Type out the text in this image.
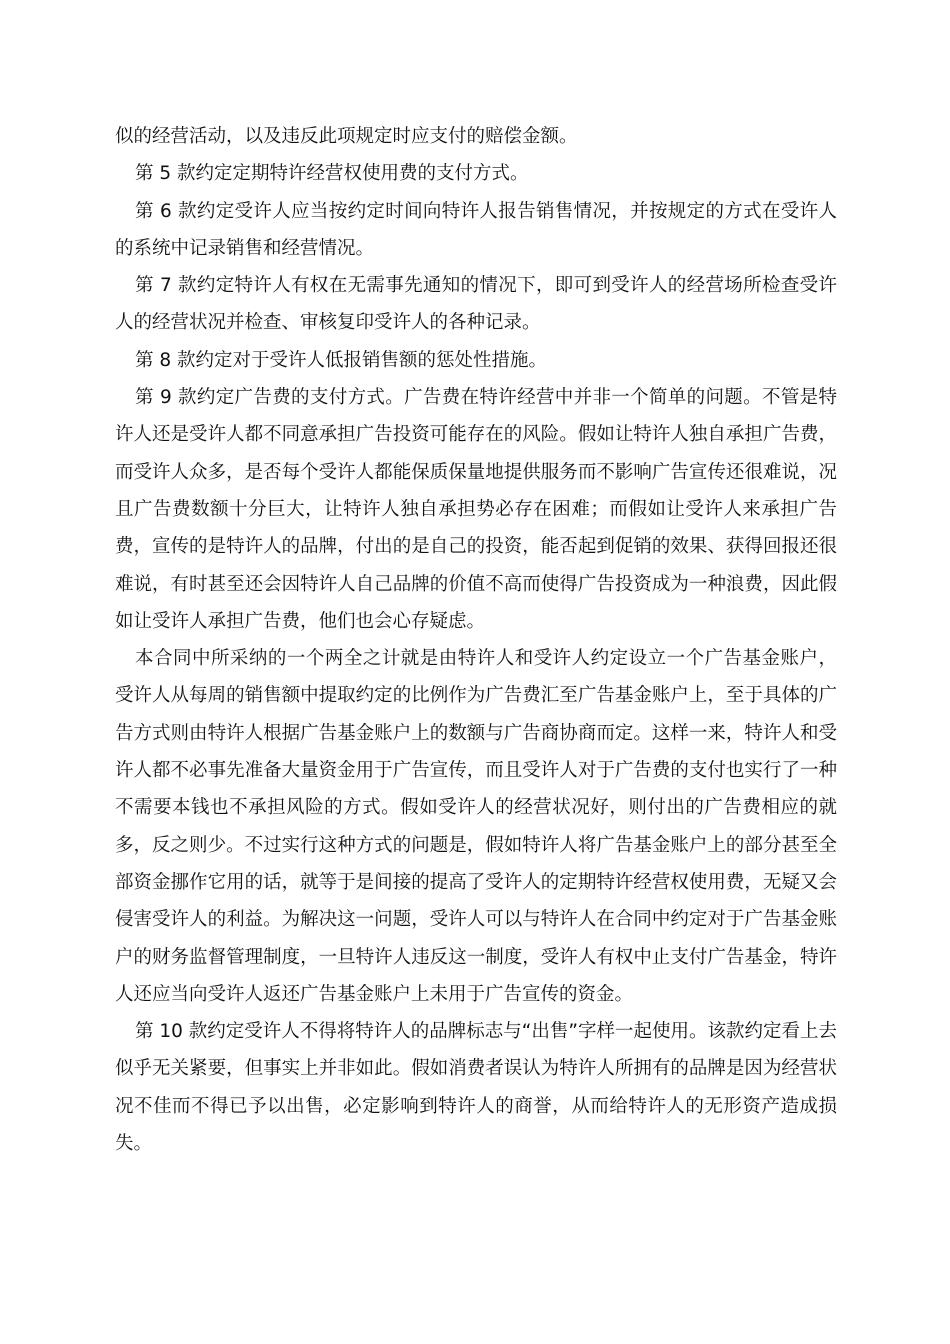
似的经营活动，以及违反此项规定时应支付的赔偿金额。

第 5 款约定定期特许经营权使用费的支付方式。

第 6 款约定受许人应当按约定时间向特许人报告销售情况，并按规定的方式在受许人的系统中记录销售和经营情况。

第 7 款约定特许人有权在无需事先通知的情况下，即可到受许人的经营场所检查受许人的经营状况并检查、审核复印受许人的各种记录。

第 8 款约定对于受许人低报销售额的惩处性措施。

第 9 款约定广告费的支付方式。广告费在特许经营中并非一个简单的问题。不管是特许人还是受许人都不同意承担广告投资可能存在的风险。假如让特许人独自承担广告费，而受许人众多，是否每个受许人都能保质保量地提供服务而不影响广告宣传还很难说，况且广告费数额十分巨大，让特许人独自承担势必存在困难；而假如让受许人来承担广告费，宣传的是特许人的品牌，付出的是自己的投资，能否起到促销的效果、获得回报还很难说，有时甚至还会因特许人自己品牌的价值不高而使得广告投资成为一种浪费，因此假如让受许人承担广告费，他们也会心存疑虑。

本合同中所采纳的一个两全之计就是由特许人和受许人约定设立一个广告基金账户，受许人从每周的销售额中提取约定的比例作为广告费汇至广告基金账户上，至于具体的广告方式则由特许人根据广告基金账户上的数额与广告商协商而定。这样一来，特许人和受许人都不必事先准备大量资金用于广告宣传，而且受许人对于广告费的支付也实行了一种不需要本钱也不承担风险的方式。假如受许人的经营状况好，则付出的广告费相应的就多，反之则少。不过实行这种方式的问题是，假如特许人将广告基金账户上的部分甚至全部资金挪作它用的话，就等于是间接的提高了受许人的定期特许经营权使用费，无疑又会侵害受许人的利益。为解决这一问题，受许人可以与特许人在合同中约定对于广告基金账户的财务监督管理制度，一旦特许人违反这一制度，受许人有权中止支付广告基金，特许人还应当向受许人返还广告基金账户上未用于广告宣传的资金。

第 10 款约定受许人不得将特许人的品牌标志与“出售”字样一起使用。该款约定看上去似乎无关紧要，但事实上并非如此。假如消费者误认为特许人所拥有的品牌是因为经营状况不佳而不得已予以出售，必定影响到特许人的商誉，从而给特许人的无形资产造成损失。
